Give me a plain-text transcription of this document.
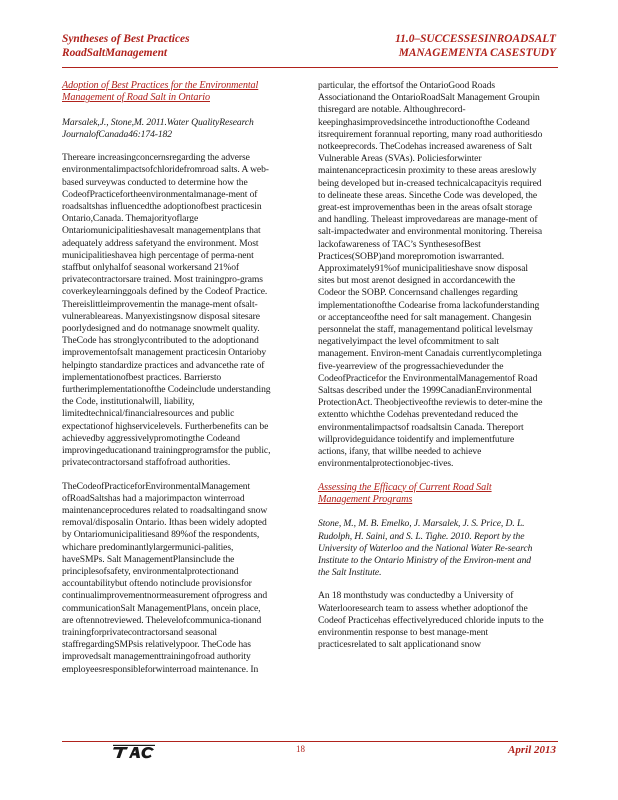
Syntheses of Best Practices
RoadSaltManagement
11.0–SUCCESSESINROADSALT
MANAGEMENTA CASESTUDY
Adoption of Best Practices for the Environmental Management of Road Salt in Ontario

Marsalek,J., Stone,M. 2011.Water QualityResearch JournalofCanada46:174-182

Thereare increasingconcernsregarding the adverse environmentalimpactsofchloridefromroad salts. A web-based surveywas conducted to determine how the CodeofPracticefortheenvironmentalmanage-ment of roadsaltshas influencedthe adoptionofbest practicesin Ontario,Canada. Themajorityoflarge Ontariomunicipalitieshavesalt managementplans that adequately address safetyand the environment. Most municipalitieshavea high percentage of perma-nent staffbut onlyhalfof seasonal workersand 21%of privatecontractorsare trained. Most trainingpro-grams coverkeylearninggoals defined by the Codeof Practice. Thereislittleimprovementin the manage-ment ofsalt-vulnerableareas. Manyexistingsnow disposal sitesare poorlydesigned and do notmanage snowmelt quality. TheCode has stronglycontributed to the adoptionand improvementofsalt management practicesin Ontarioby helpingto standardize practices and advancethe rate of implementationofbest practices. Barriersto furtherimplementationofthe Codeinclude understanding the Code, institutionalwill, liability, limitedtechnical/financialresources and public expectationof highservicelevels. Furtherbenefits can be achievedby aggressivelypromotingthe Codeand improvingeducationand trainingprogramsfor the public, privatecontractorsand staffofroad authorities.

TheCodeofPracticeforEnvironmentalManagement ofRoadSaltshas had a majorimpacton winterroad maintenanceprocedures related to roadsaltingand snow removal/disposalin Ontario. Ithas been widely adopted by Ontariomunicipalitiesand 89%of the respondents, whichare predominantlylargermunici-palities, haveSMPs. Salt ManagementPlansinclude the principlesofsafety, environmentalprotectionand accountabilitybut oftendo notinclude provisionsfor continualimprovementnormeasurement ofprogress and communicationSalt ManagementPlans, oncein place, are oftennotreviewed. Thelevelofcommunica-tionand trainingforprivatecontractorsand seasonal staffregardingSMPsis relativelypoor. TheCode has improvedsalt managementtrainingofroad authority employeesresponsibleforwinterroad maintenance. In

particular, the effortsof the OntarioGood Roads Associationand the OntarioRoadSalt Management Groupin thisregard are notable. Althoughrecord-keepinghasimprovedsincethe introductionofthe Codeand itsrequirement forannual reporting, many road authoritiesdo notkeeprecords. TheCodehas increased awareness of Salt Vulnerable Areas (SVAs). Policiesforwinter maintenancepracticesin proximity to these areas areslowly being developed but in-creased technicalcapacityis required to delineate these areas. Sincethe Code was developed, the great-est improvementhas been in the areas ofsalt storage and handling. Theleast improvedareas are manage-ment of salt-impactedwater and environmental monitoring. Thereisa lackofawareness of TAC’s SynthesesofBest Practices(SOBP)and morepromotion iswarranted. Approximately91%of municipalitieshave snow disposal sites but most arenot designed in accordancewith the Codeor the SOBP. Concernsand challenges regarding implementationofthe Codearise froma lackofunderstanding or acceptanceofthe need for salt management. Changesin personnelat the staff, managementand political levelsmay negativelyimpact the level ofcommitment to salt management. Environ-ment Canadais currentlycompletinga five-yearreview of the progressachievedunder the CodeofPracticefor the EnvironmentalManagementof Road Saltsas described under the 1999CanadianEnvironmental ProtectionAct. Theobjectiveofthe reviewis to deter-mine the extentto whichthe Codehas preventedand reduced the environmentalimpactsof roadsaltsin Canada. Thereport willprovideguidance toidentify and implementfuture actions, ifany, that willbe needed to achieve environmentalprotectionobjec-tives.

Assessing the Efficacy of Current Road Salt Management Programs

Stone, M., M. B. Emelko, J. Marsalek, J. S. Price, D. L. Rudolph, H. Saini, and S. L. Tighe. 2010. Report by the University of Waterloo and the National Water Re-search Institute to the Ontario Ministry of the Environ-ment and the Salt Institute.

An 18 monthstudy was conductedby a University of Waterlooresearch team to assess whether adoptionof the Codeof Practicehas effectivelyreduced chloride inputs to the environmentin response to best manage-ment practicesrelated to salt applicationand snow

18	April 2013
